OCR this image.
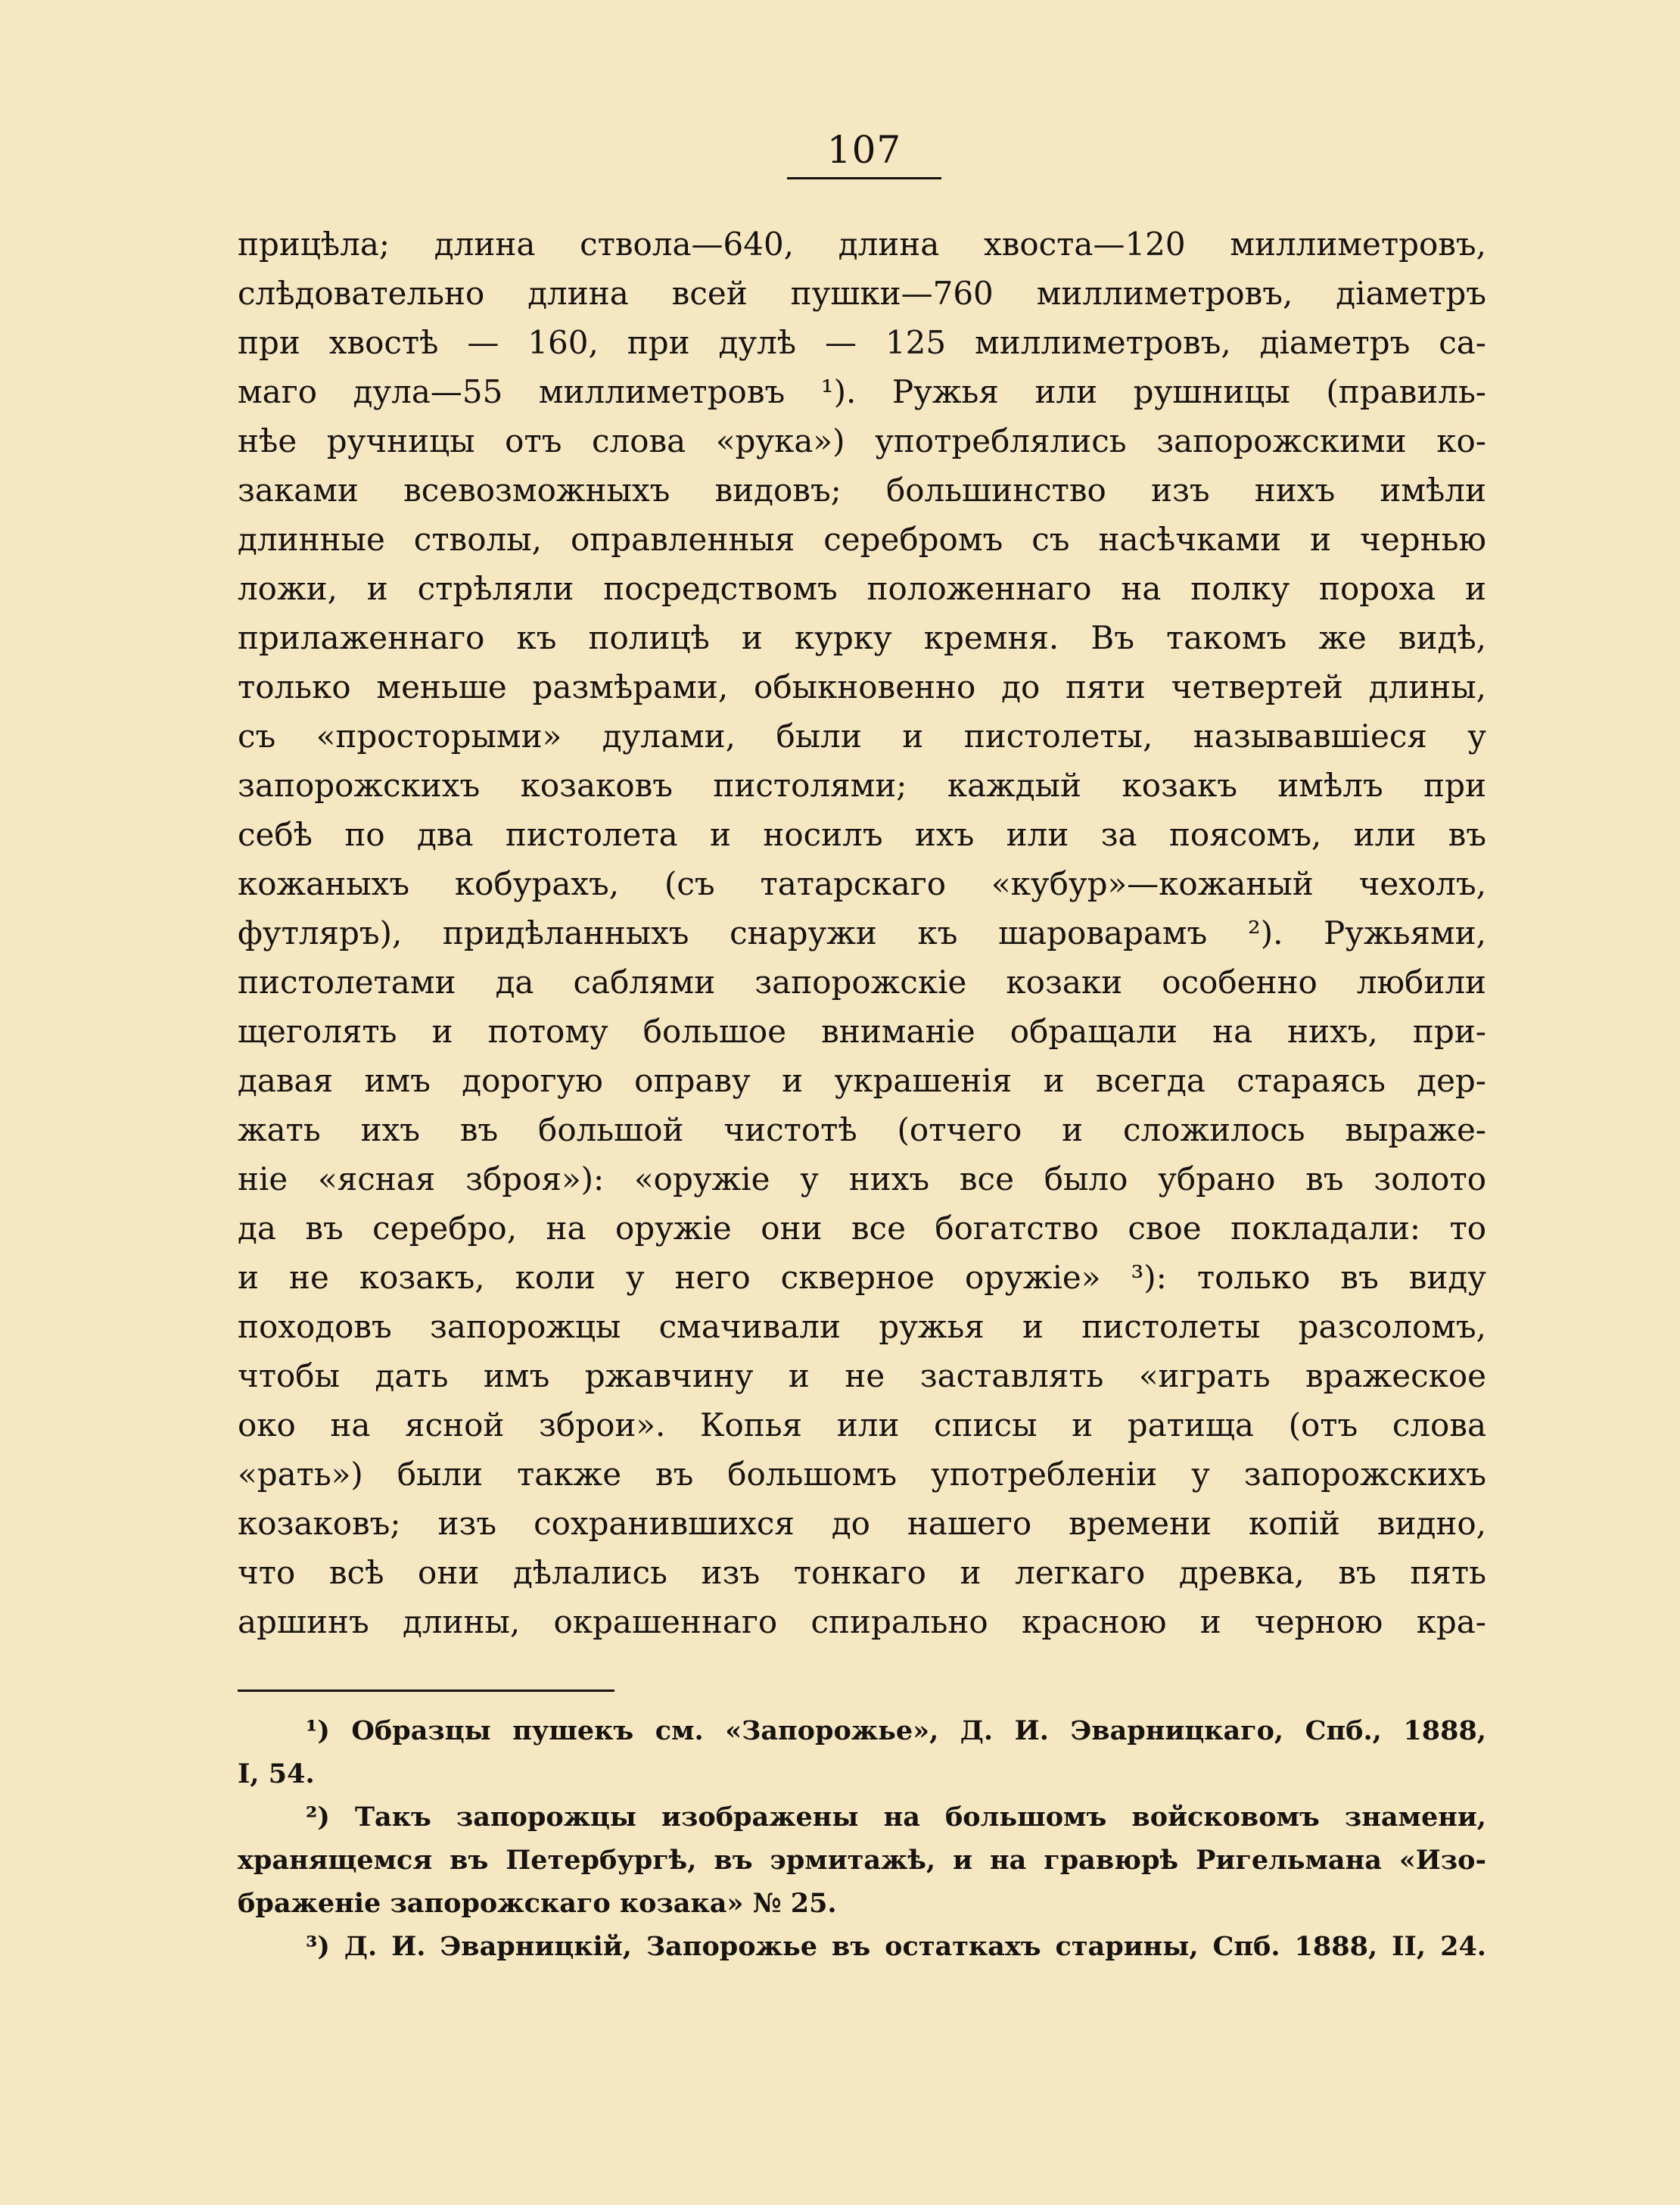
107
прицѣла; длина ствола—640, длина хвоста—120 миллиметровъ,
слѣдовательно длина всей пушки—760 миллиметровъ, діаметръ
при хвостѣ — 160, при дулѣ — 125 миллиметровъ, діаметръ са-
маго дула—55 миллиметровъ ¹). Ружья или рушницы (правиль-
нѣе ручницы отъ слова «рука») употреблялись запорожскими ко-
заками всевозможныхъ видовъ; большинство изъ нихъ имѣли
длинные стволы, оправленныя серебромъ съ насѣчками и чернью
ложи, и стрѣляли посредствомъ положеннаго на полку пороха и
прилаженнаго къ полицѣ и курку кремня. Въ такомъ же видѣ,
только меньше размѣрами, обыкновенно до пяти четвертей длины,
съ «просторыми» дулами, были и пистолеты, называвшіеся у
запорожскихъ козаковъ пистолями; каждый козакъ имѣлъ при
себѣ по два пистолета и носилъ ихъ или за поясомъ, или въ
кожаныхъ кобурахъ, (съ татарскаго «кубур»—кожаный чехолъ,
футляръ), придѣланныхъ снаружи къ шароварамъ ²). Ружьями,
пистолетами да саблями запорожскіе козаки особенно любили
щеголять и потому большое вниманіе обращали на нихъ, при-
давая имъ дорогую оправу и украшенія и всегда стараясь дер-
жать ихъ въ большой чистотѣ (отчего и сложилось выраже-
ніе «ясная зброя»): «оружіе у нихъ все было убрано въ золото
да въ серебро, на оружіе они все богатство свое покладали: то
и не козакъ, коли у него скверное оружіе» ³): только въ виду
походовъ запорожцы смачивали ружья и пистолеты разсоломъ,
чтобы дать имъ ржавчину и не заставлять «играть вражеское
око на ясной зброи». Копья или списы и ратища (отъ слова
«рать») были также въ большомъ употребленіи у запорожскихъ
козаковъ; изъ сохранившихся до нашего времени копій видно,
что всѣ они дѣлались изъ тонкаго и легкаго древка, въ пять
аршинъ длины, окрашеннаго спирально красною и черною кра-
¹) Образцы пушекъ см. «Запорожье», Д. И. Эварницкаго, Спб., 1888,
I, 54.
²) Такъ запорожцы изображены на большомъ войсковомъ знамени,
хранящемся въ Петербургѣ, въ эрмитажѣ, и на гравюрѣ Ригельмана «Изо-
браженіе запорожскаго козака» № 25.
³) Д. И. Эварницкій, Запорожье въ остаткахъ старины, Спб. 1888, II, 24.
